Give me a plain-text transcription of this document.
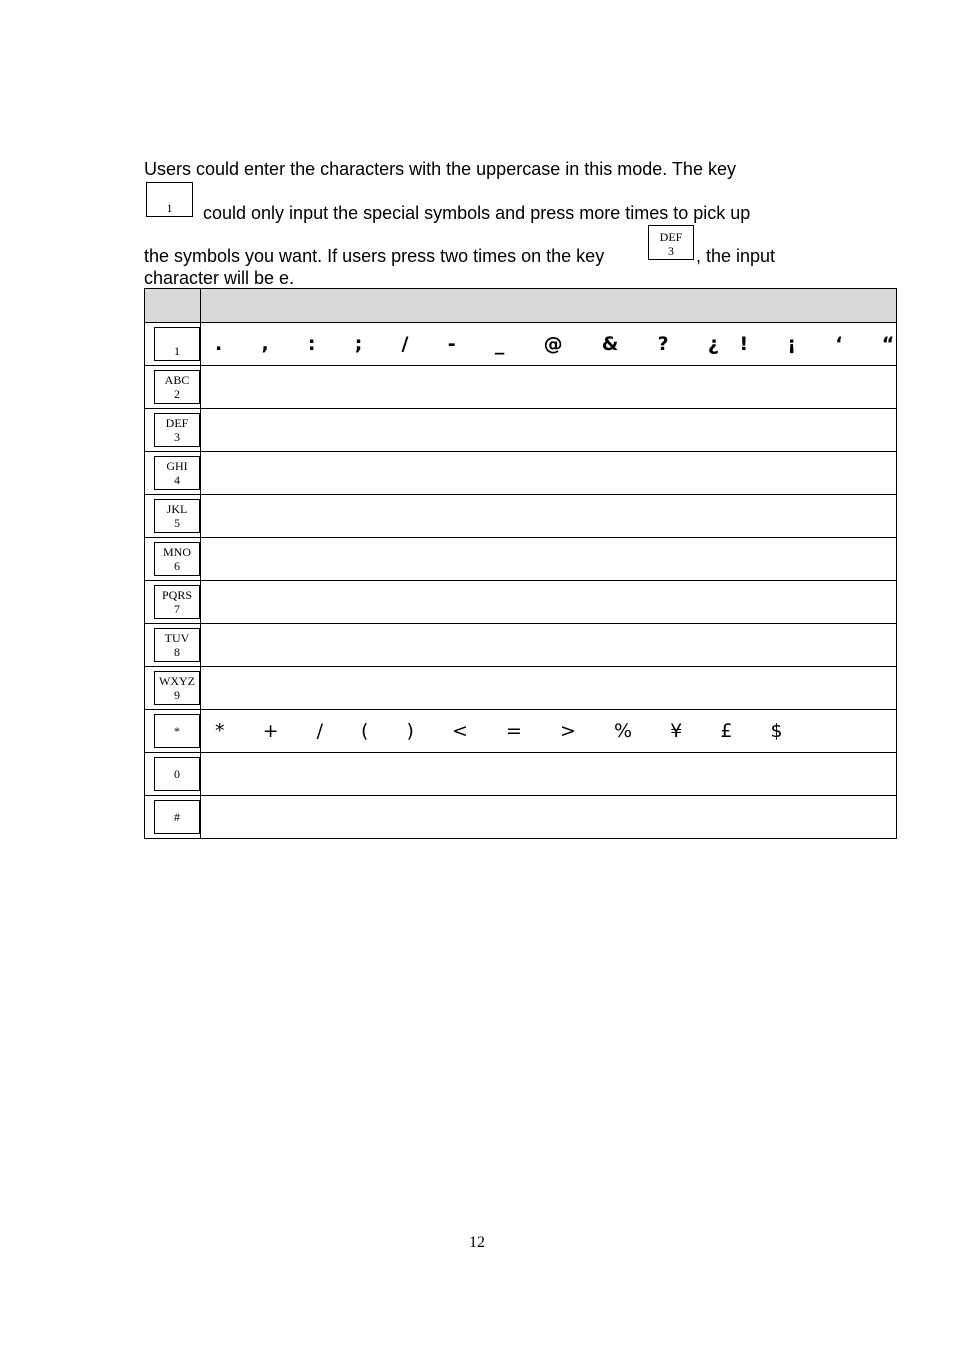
Users could enter the characters with the uppercase in this mode. The key
could only input the special symbols and press more times to pick up
the symbols you want. If users press two times on the key	, the input
character will be e.
1
DEF
3

1	.  ,  :  ;  /  -  _  @  &  ?  ¿ !  ¡  ‘  “

ABC
2	

DEF
3	

GHI
4	

JKL
5	

MNO
6	

PQRS
7	

TUV
8	

WXYZ
9	

*	*  +  /  (  )  <  =  >  %  ¥  £  $

0	

#	

12
